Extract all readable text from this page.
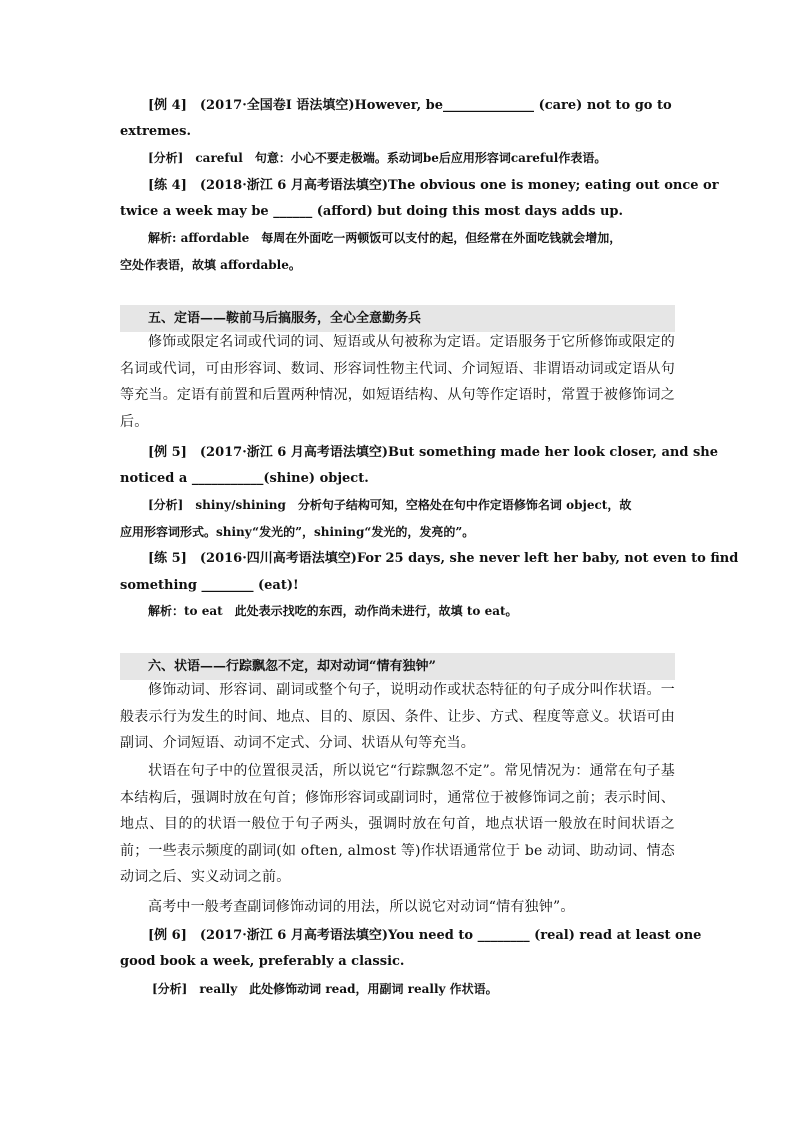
[例 4]　(2017·全国卷Ⅰ 语法填空)However, be______________ (care) not to go to
extremes.
[分析]　careful　句意：小心不要走极端。系动词be后应用形容词careful作表语。
[练 4]　(2018·浙江 6 月高考语法填空)The obvious one is money; eating out once or
twice a week may be ______ (afford) but doing this most days adds up.
解析: affordable　每周在外面吃一两顿饭可以支付的起，但经常在外面吃钱就会增加，
空处作表语，故填 affordable。
五、定语——鞍前马后搞服务，全心全意勤务兵
修饰或限定名词或代词的词、短语或从句被称为定语。定语服务于它所修饰或限定的名词或代词，可由形容词、数词、形容词性物主代词、介词短语、非谓语动词或定语从句等充当。定语有前置和后置两种情况，如短语结构、从句等作定语时，常置于被修饰词之后。
[例 5]　(2017·浙江 6 月高考语法填空)But something made her look closer, and she
noticed a ___________(shine) object.
[分析]　shiny/shining　分析句子结构可知，空格处在句中作定语修饰名词 object，故
应用形容词形式。shiny“发光的”，shining“发光的，发亮的”。
[练 5]　(2016·四川高考语法填空)For 25 days, she never left her baby, not even to find
something ________ (eat)!
解析：to eat　此处表示找吃的东西，动作尚未进行，故填 to eat。
六、状语——行踪飘忽不定，却对动词“情有独钟”
修饰动词、形容词、副词或整个句子，说明动作或状态特征的句子成分叫作状语。一般表示行为发生的时间、地点、目的、原因、条件、让步、方式、程度等意义。状语可由副词、介词短语、动词不定式、分词、状语从句等充当。
状语在句子中的位置很灵活，所以说它“行踪飘忽不定”。常见情况为：通常在句子基本结构后，强调时放在句首；修饰形容词或副词时，通常位于被修饰词之前；表示时间、地点、目的的状语一般位于句子两头，强调时放在句首，地点状语一般放在时间状语之前；一些表示频度的副词(如 often, almost 等)作状语通常位于 be 动词、助动词、情态动词之后、实义动词之前。
高考中一般考查副词修饰动词的用法，所以说它对动词“情有独钟”。
[例 6]　(2017·浙江 6 月高考语法填空)You need to ________ (real) read at least one
good book a week, preferably a classic.
[分析]　really　此处修饰动词 read，用副词 really 作状语。
